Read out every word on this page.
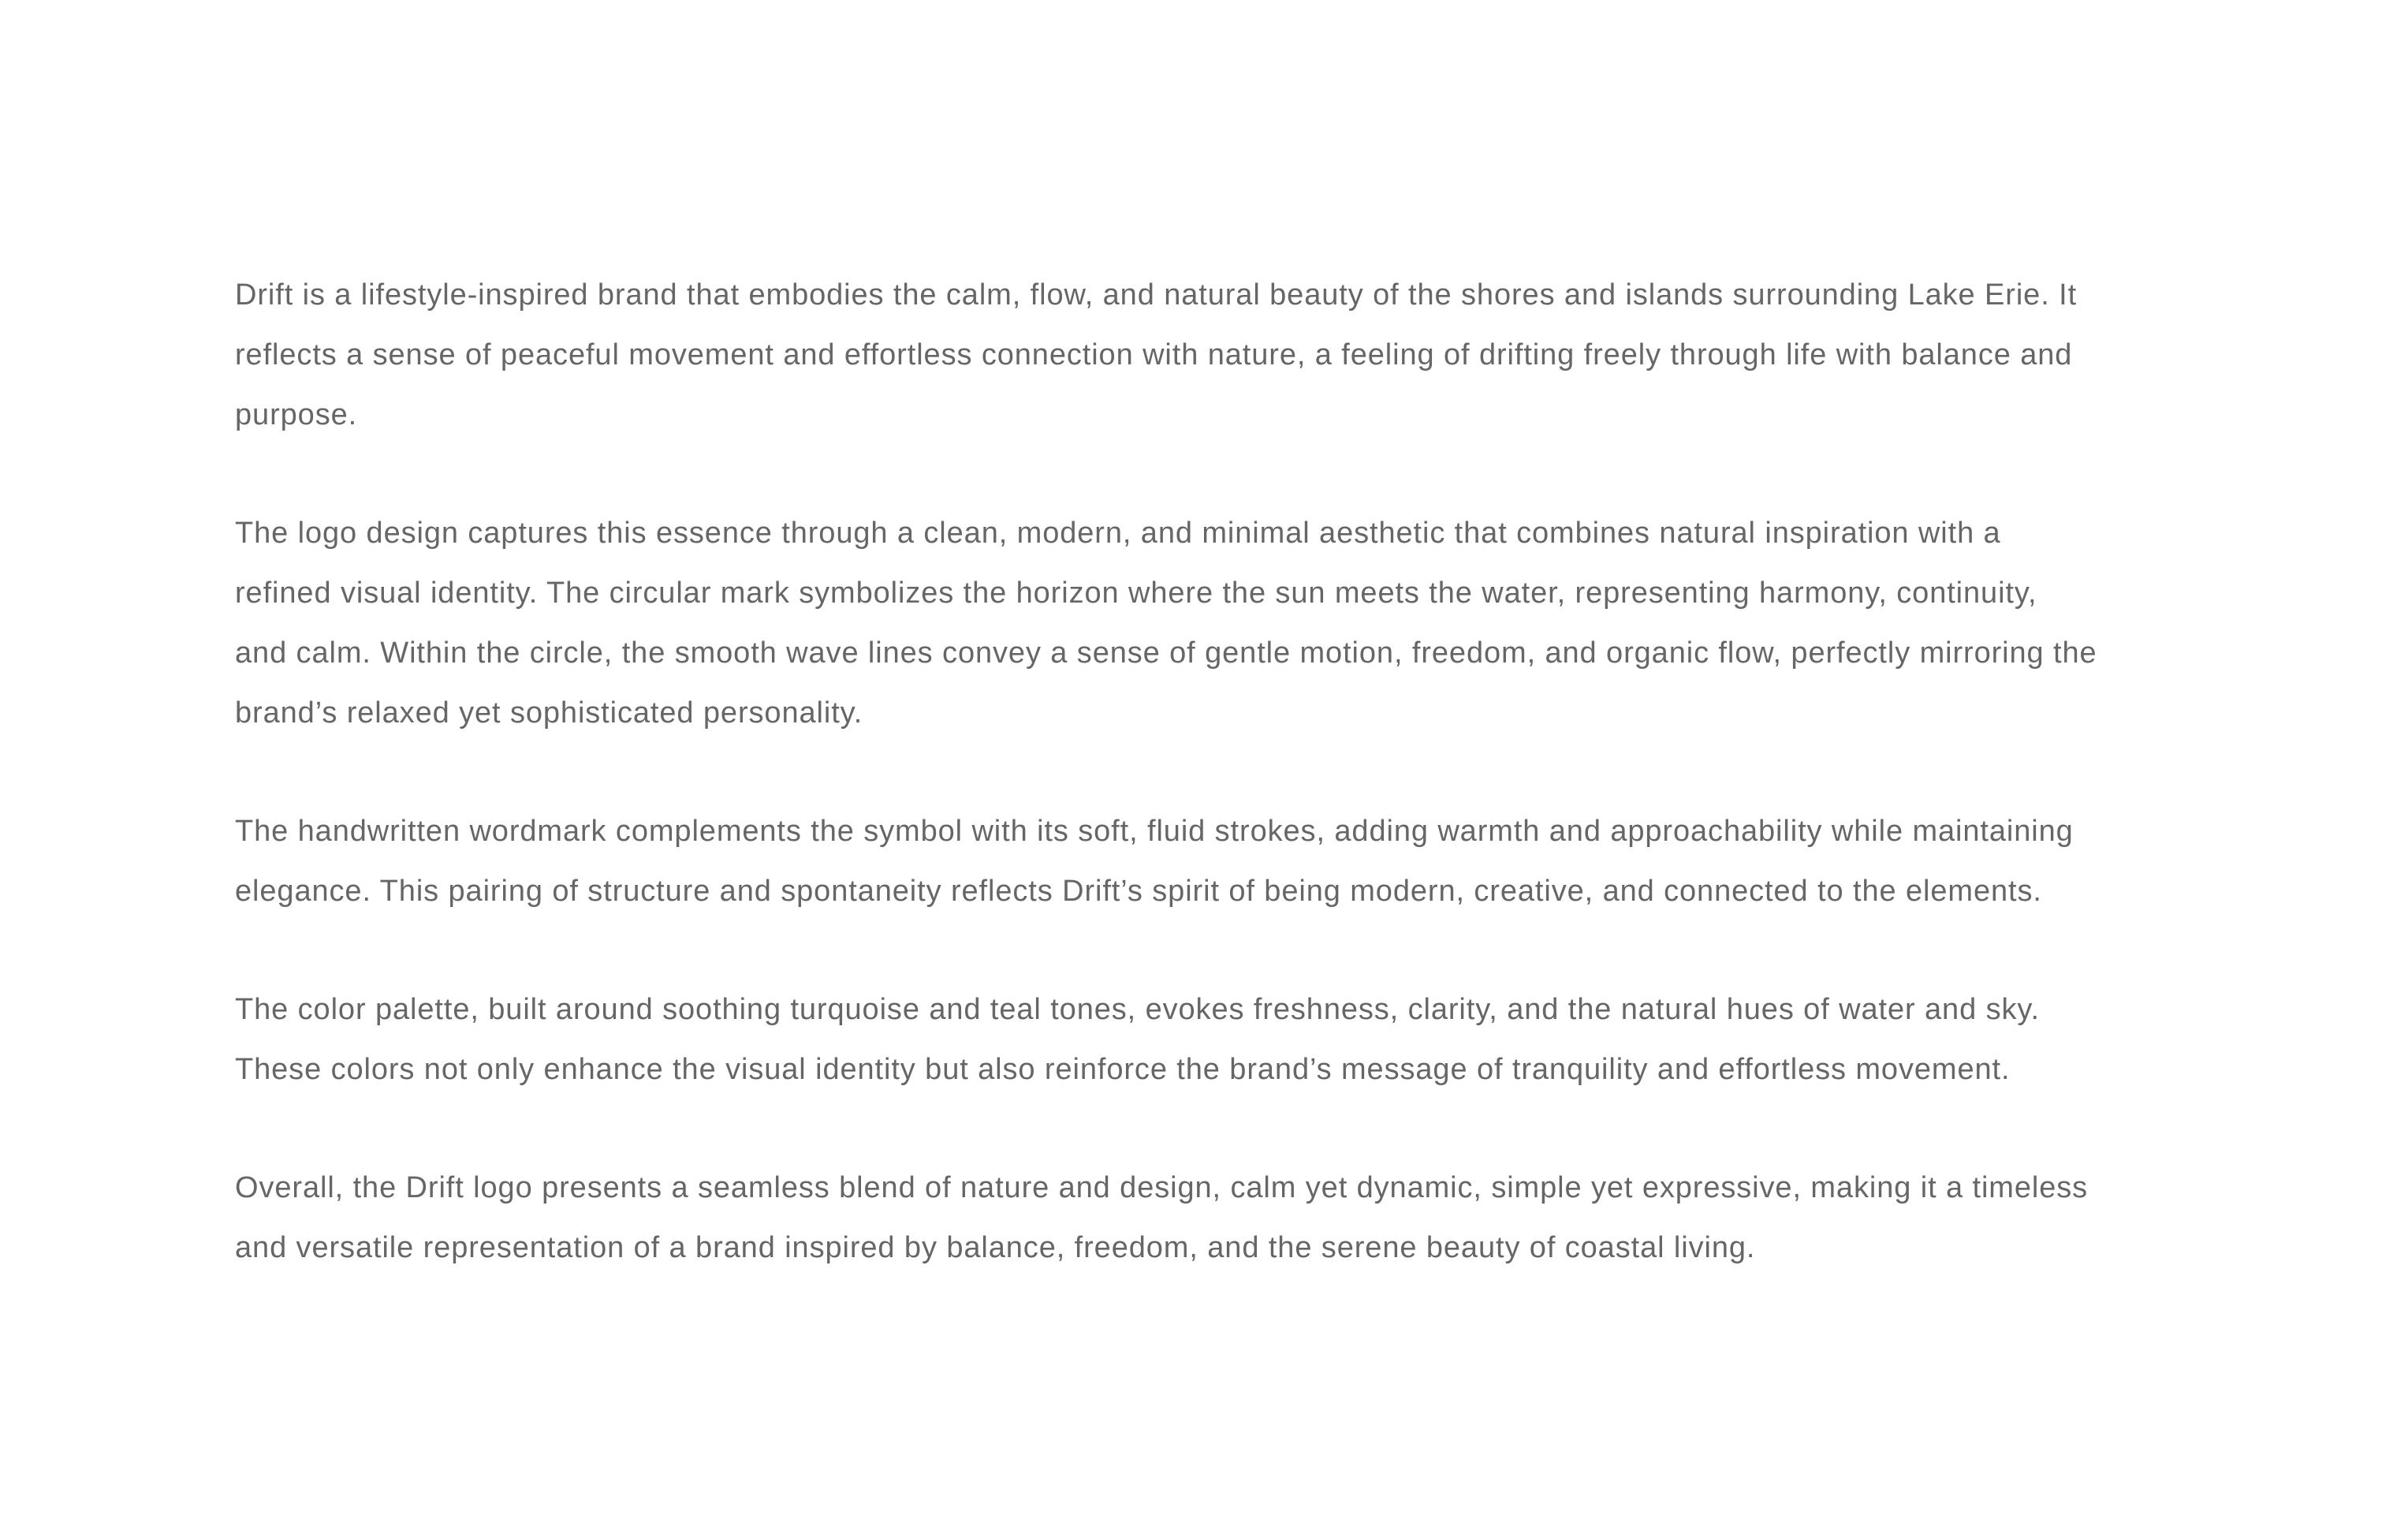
Drift is a lifestyle-inspired brand that embodies the calm, flow, and natural beauty of the shores and islands surrounding Lake Erie. It
reflects a sense of peaceful movement and effortless connection with nature, a feeling of drifting freely through life with balance and
purpose.

The logo design captures this essence through a clean, modern, and minimal aesthetic that combines natural inspiration with a
refined visual identity. The circular mark symbolizes the horizon where the sun meets the water, representing harmony, continuity,
and calm. Within the circle, the smooth wave lines convey a sense of gentle motion, freedom, and organic flow, perfectly mirroring the
brand’s relaxed yet sophisticated personality.

The handwritten wordmark complements the symbol with its soft, fluid strokes, adding warmth and approachability while maintaining
elegance. This pairing of structure and spontaneity reflects Drift’s spirit of being modern, creative, and connected to the elements.

The color palette, built around soothing turquoise and teal tones, evokes freshness, clarity, and the natural hues of water and sky.
These colors not only enhance the visual identity but also reinforce the brand’s message of tranquility and effortless movement.

Overall, the Drift logo presents a seamless blend of nature and design, calm yet dynamic, simple yet expressive, making it a timeless
and versatile representation of a brand inspired by balance, freedom, and the serene beauty of coastal living.
